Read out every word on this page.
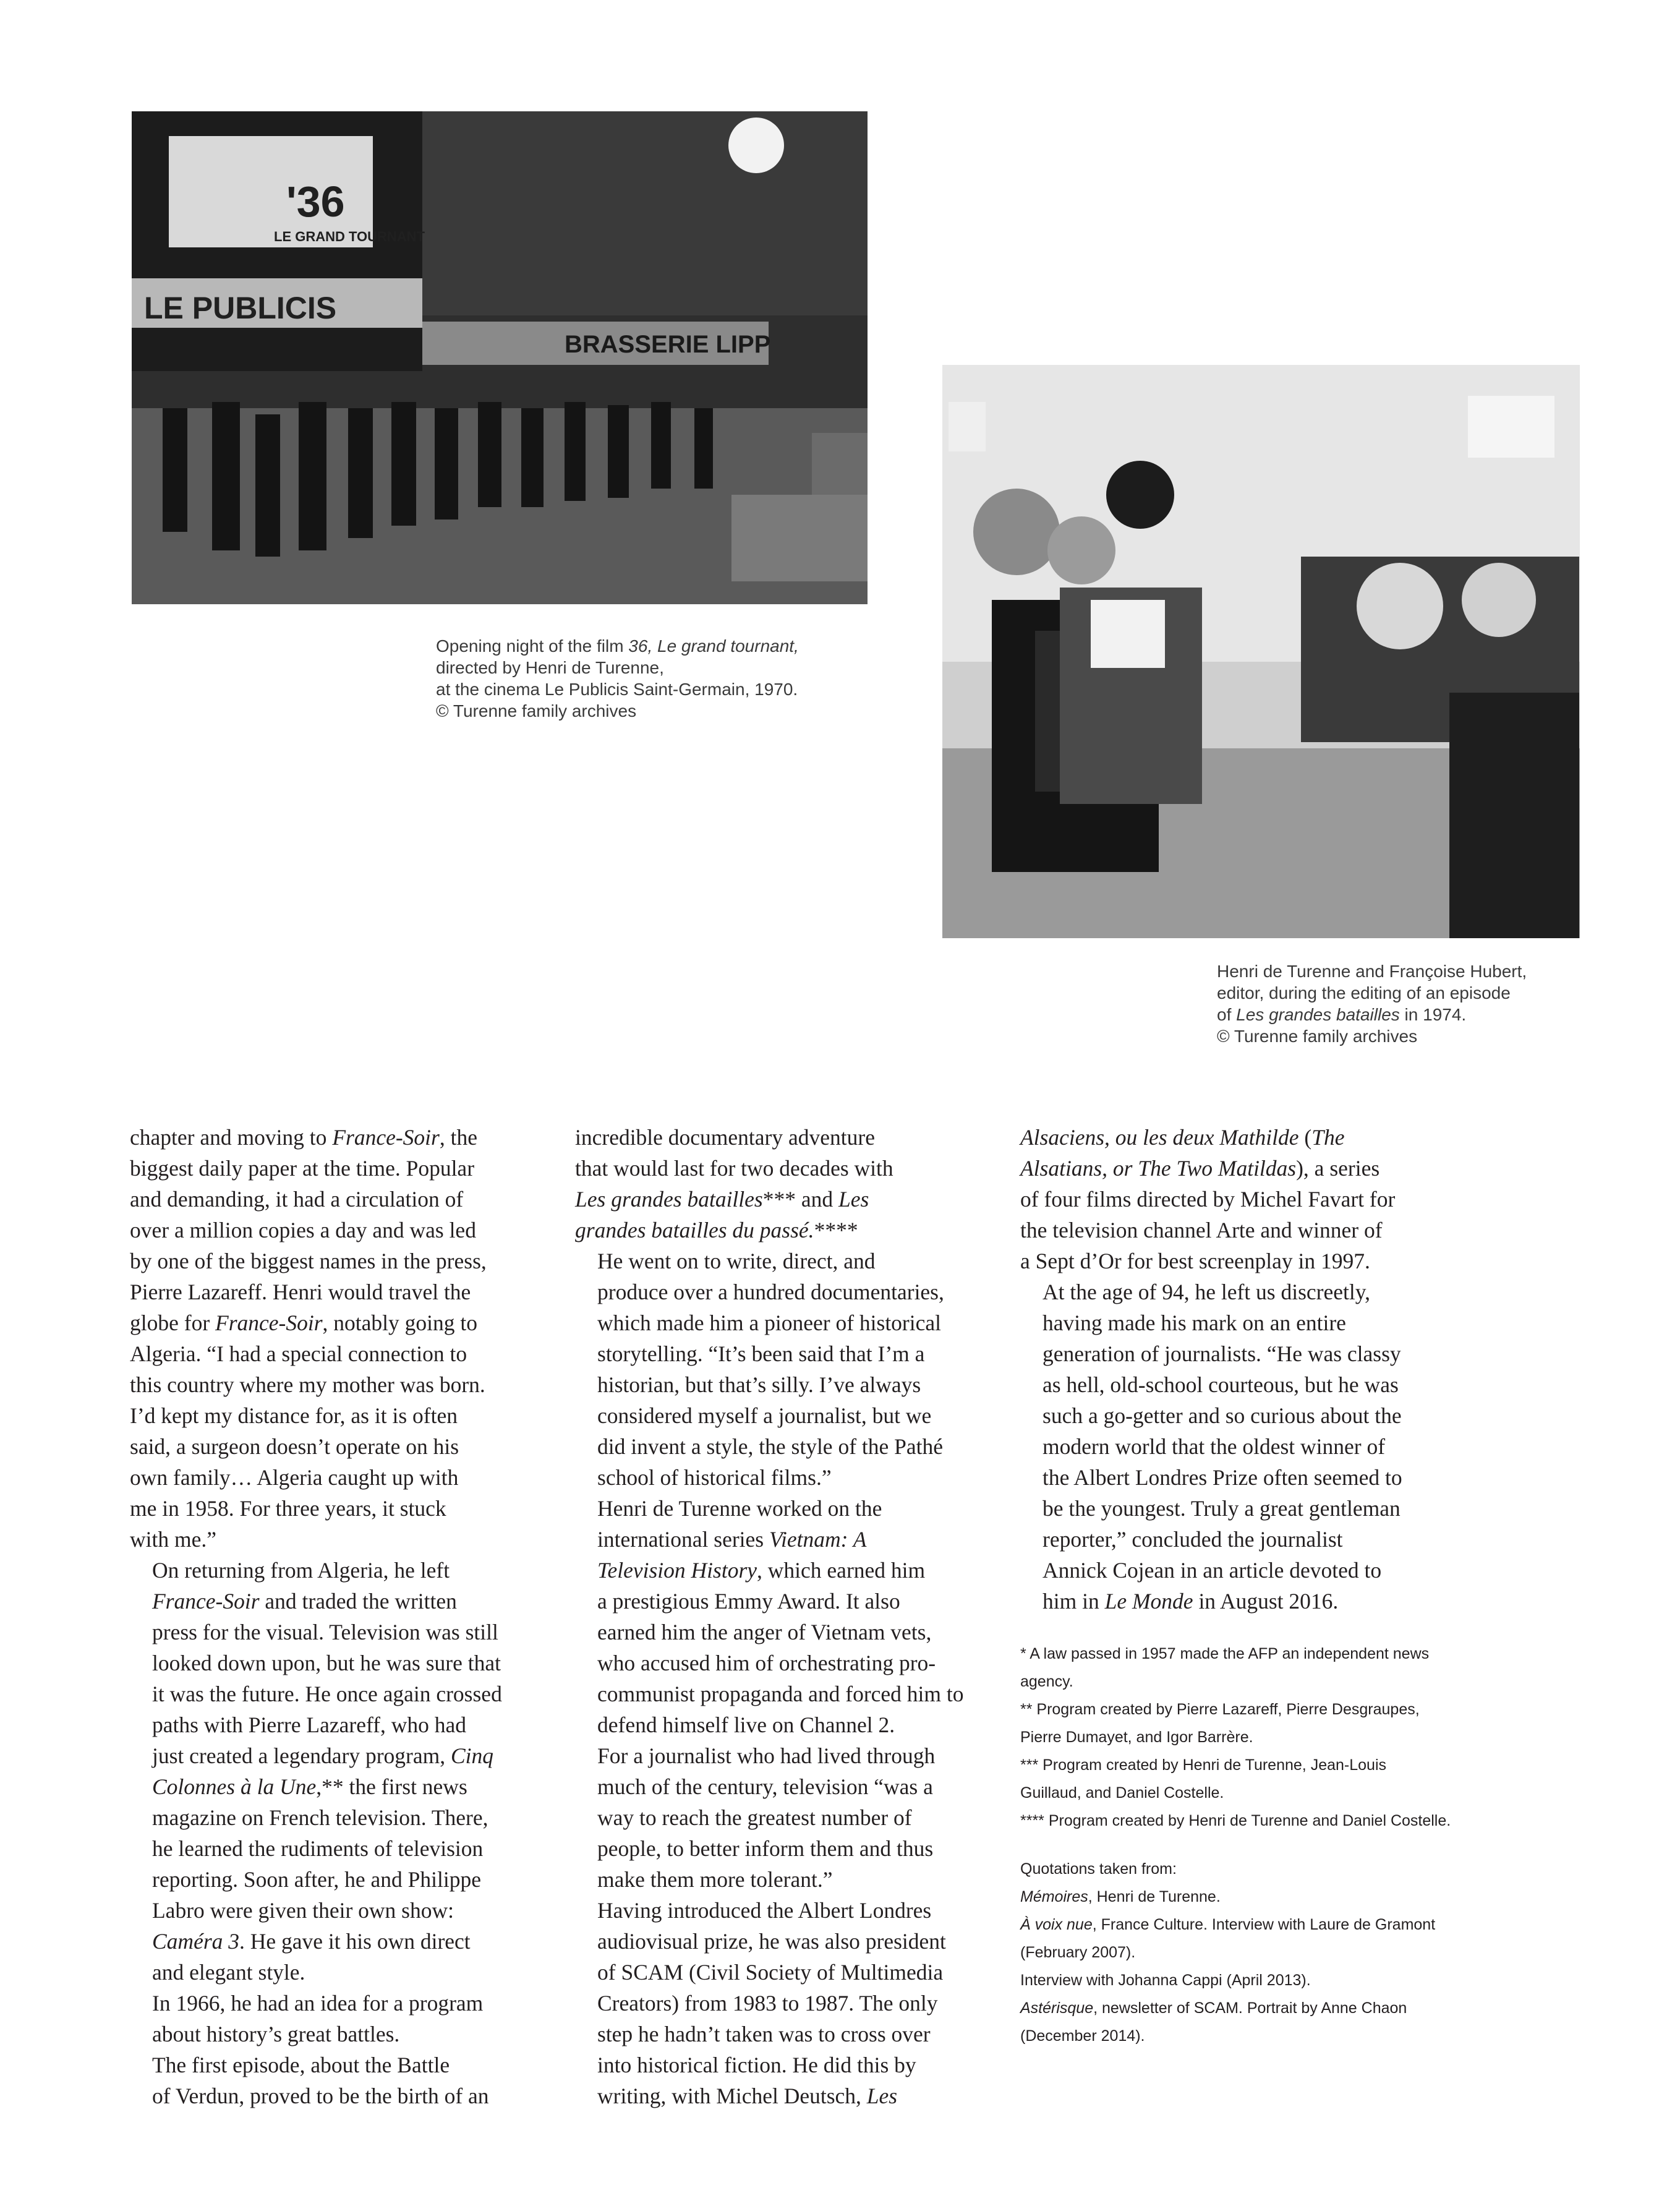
'36
LE GRAND TOURNANT
LE PUBLICIS
BRASSERIE LIPP
Opening night of the film 36, Le grand tournant,
directed by Henri de Turenne,
at the cinema Le Publicis Saint-Germain, 1970.
© Turenne family archives
Henri de Turenne and Françoise Hubert,
editor, during the editing of an episode
of Les grandes batailles in 1974.
© Turenne family archives

chapter and moving to France-Soir, the
biggest daily paper at the time. Popular
and demanding, it had a circulation of
over a million copies a day and was led
by one of the biggest names in the press,
Pierre Lazareff. Henri would travel the
globe for France-Soir, notably going to
Algeria. “I had a special connection to
this country where my mother was born.
I’d kept my distance for, as it is often
said, a surgeon doesn’t operate on his
own family… Algeria caught up with
me in 1958. For three years, it stuck
with me.”

On returning from Algeria, he left
France-Soir and traded the written
press for the visual. Television was still
looked down upon, but he was sure that
it was the future. He once again crossed
paths with Pierre Lazareff, who had
just created a legendary program, Cinq
Colonnes à la Une,** the first news
magazine on French television. There,
he learned the rudiments of television
reporting. Soon after, he and Philippe
Labro were given their own show:
Caméra 3. He gave it his own direct
and elegant style.

In 1966, he had an idea for a program
about history’s great battles.

The first episode, about the Battle
of Verdun, proved to be the birth of an

incredible documentary adventure
that would last for two decades with
Les grandes batailles*** and Les
grandes batailles du passé.****

He went on to write, direct, and
produce over a hundred documentaries,
which made him a pioneer of historical
storytelling. “It’s been said that I’m a
historian, but that’s silly. I’ve always
considered myself a journalist, but we
did invent a style, the style of the Pathé
school of historical films.”

Henri de Turenne worked on the
international series Vietnam: A
Television History, which earned him
a prestigious Emmy Award. It also
earned him the anger of Vietnam vets,
who accused him of orchestrating pro-
communist propaganda and forced him to
defend himself live on Channel 2.

For a journalist who had lived through
much of the century, television “was a
way to reach the greatest number of
people, to better inform them and thus
make them more tolerant.”

Having introduced the Albert Londres
audiovisual prize, he was also president
of SCAM (Civil Society of Multimedia
Creators) from 1983 to 1987. The only
step he hadn’t taken was to cross over
into historical fiction. He did this by
writing, with Michel Deutsch, Les

Alsaciens, ou les deux Mathilde (The
Alsatians, or The Two Matildas), a series
of four films directed by Michel Favart for
the television channel Arte and winner of
a Sept d’Or for best screenplay in 1997.

At the age of 94, he left us discreetly,
having made his mark on an entire
generation of journalists. “He was classy
as hell, old-school courteous, but he was
such a go-getter and so curious about the
modern world that the oldest winner of
the Albert Londres Prize often seemed to
be the youngest. Truly a great gentleman
reporter,” concluded the journalist
Annick Cojean in an article devoted to
him in Le Monde in August 2016.

* A law passed in 1957 made the AFP an independent news
agency.
** Program created by Pierre Lazareff, Pierre Desgraupes,
Pierre Dumayet, and Igor Barrère.
*** Program created by Henri de Turenne, Jean-Louis
Guillaud, and Daniel Costelle.
**** Program created by Henri de Turenne and Daniel Costelle.
Quotations taken from:
Mémoires, Henri de Turenne.
À voix nue, France Culture. Interview with Laure de Gramont
(February 2007).
Interview with Johanna Cappi (April 2013).
Astérisque, newsletter of SCAM. Portrait by Anne Chaon
(December 2014).
